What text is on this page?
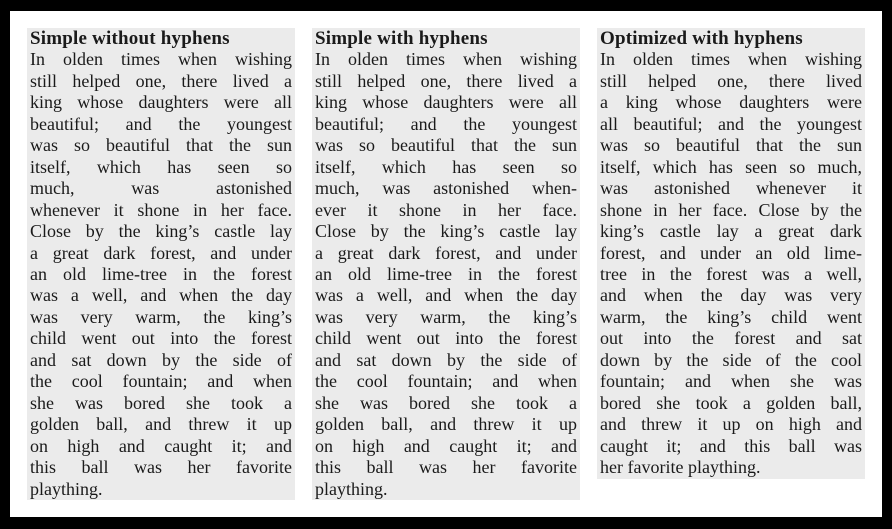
Simple without hyphens
In olden times when wishing
still helped one, there lived a
king whose daughters were all
beautiful; and the youngest
was so beautiful that the sun
itself, which has seen so
much, was astonished
whenever it shone in her face.
Close by the king’s castle lay
a great dark forest, and under
an old lime-tree in the forest
was a well, and when the day
was very warm, the king’s
child went out into the forest
and sat down by the side of
the cool fountain; and when
she was bored she took a
golden ball, and threw it up
on high and caught it; and
this ball was her favorite
plaything.
Simple with hyphens
In olden times when wishing
still helped one, there lived a
king whose daughters were all
beautiful; and the youngest
was so beautiful that the sun
itself, which has seen so
much, was astonished when-
ever it shone in her face.
Close by the king’s castle lay
a great dark forest, and under
an old lime-tree in the forest
was a well, and when the day
was very warm, the king’s
child went out into the forest
and sat down by the side of
the cool fountain; and when
she was bored she took a
golden ball, and threw it up
on high and caught it; and
this ball was her favorite
plaything.
Optimized with hyphens
In olden times when wishing
still helped one, there lived
a king whose daughters were
all beautiful; and the youngest
was so beautiful that the sun
itself, which has seen so much,
was astonished whenever it
shone in her face. Close by the
king’s castle lay a great dark
forest, and under an old lime-
tree in the forest was a well,
and when the day was very
warm, the king’s child went
out into the forest and sat
down by the side of the cool
fountain; and when she was
bored she took a golden ball,
and threw it up on high and
caught it; and this ball was
her favorite plaything.
